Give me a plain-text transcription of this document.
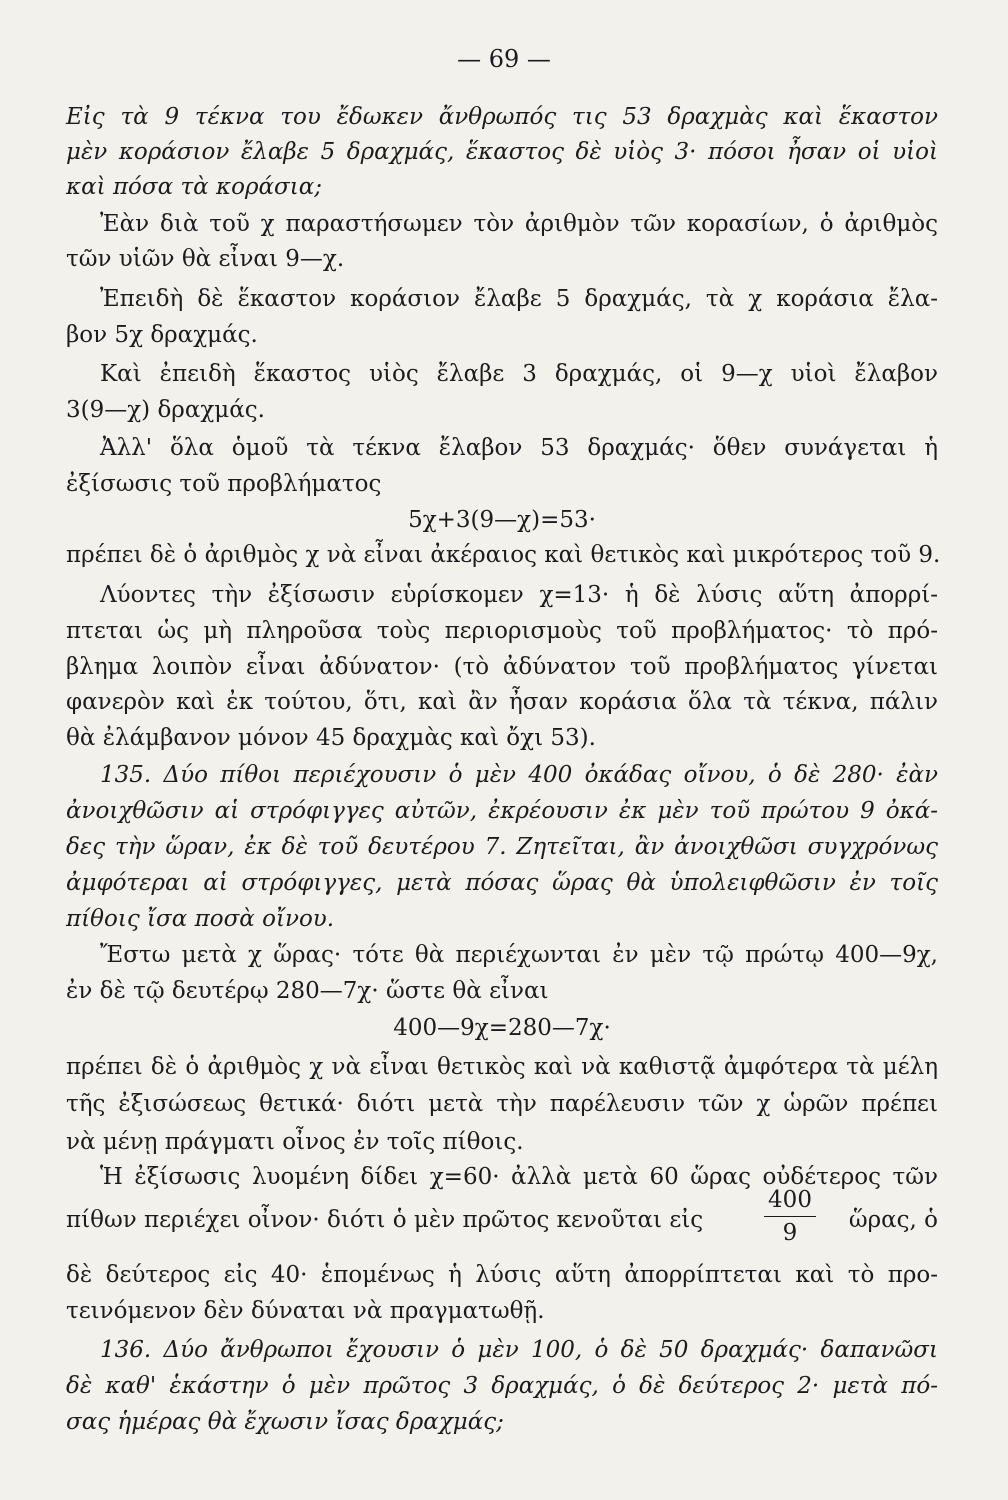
— 69 —
Εἰς τὰ 9 τέκνα του ἔδωκεν ἄνθρωπός τις 53 δραχμὰς καὶ ἕκαστον
μὲν κοράσιον ἔλαβε 5 δραχμάς, ἕκαστος δὲ υἱὸς 3· πόσοι ἦσαν οἱ υἱοὶ
καὶ πόσα τὰ κοράσια;
Ἐὰν διὰ τοῦ χ παραστήσωμεν τὸν ἀριθμὸν τῶν κορασίων, ὁ ἀριθμὸς
τῶν υἱῶν θὰ εἶναι 9—χ.
Ἐπειδὴ δὲ ἕκαστον κοράσιον ἔλαβε 5 δραχμάς, τὰ χ κοράσια ἔλα-
βον 5χ δραχμάς.
Καὶ ἐπειδὴ ἕκαστος υἱὸς ἔλαβε 3 δραχμάς, οἱ 9—χ υἱοὶ ἔλαβον
3(9—χ) δραχμάς.
Ἀλλ' ὅλα ὁμοῦ τὰ τέκνα ἔλαβον 53 δραχμάς· ὅθεν συνάγεται ἡ
ἐξίσωσις τοῦ προβλήματος
5χ+3(9—χ)=53·
πρέπει δὲ ὁ ἀριθμὸς χ νὰ εἶναι ἀκέραιος καὶ θετικὸς καὶ μικρότερος τοῦ 9.
Λύοντες τὴν ἐξίσωσιν εὑρίσκομεν χ=13· ἡ δὲ λύσις αὕτη ἀπορρί-
πτεται ὡς μὴ πληροῦσα τοὺς περιορισμοὺς τοῦ προβλήματος· τὸ πρό-
βλημα λοιπὸν εἶναι ἀδύνατον· (τὸ ἀδύνατον τοῦ προβλήματος γίνεται
φανερὸν καὶ ἐκ τούτου, ὅτι, καὶ ἂν ἦσαν κοράσια ὅλα τὰ τέκνα, πάλιν
θὰ ἐλάμβανον μόνον 45 δραχμὰς καὶ ὄχι 53).
135. Δύο πίθοι περιέχουσιν ὁ μὲν 400 ὀκάδας οἴνου, ὁ δὲ 280· ἐὰν
ἀνοιχθῶσιν αἱ στρόφιγγες αὐτῶν, ἐκρέουσιν ἐκ μὲν τοῦ πρώτου 9 ὀκά-
δες τὴν ὥραν, ἐκ δὲ τοῦ δευτέρου 7. Ζητεῖται, ἂν ἀνοιχθῶσι συγχρόνως
ἀμφότεραι αἱ στρόφιγγες, μετὰ πόσας ὥρας θὰ ὑπολειφθῶσιν ἐν τοῖς
πίθοις ἴσα ποσὰ οἴνου.
Ἔστω μετὰ χ ὥρας· τότε θὰ περιέχωνται ἐν μὲν τῷ πρώτῳ 400—9χ,
ἐν δὲ τῷ δευτέρῳ 280—7χ· ὥστε θὰ εἶναι
400—9χ=280—7χ·
πρέπει δὲ ὁ ἀριθμὸς χ νὰ εἶναι θετικὸς καὶ νὰ καθιστᾷ ἀμφότερα τὰ μέλη
τῆς ἐξισώσεως θετικά· διότι μετὰ τὴν παρέλευσιν τῶν χ ὡρῶν πρέπει
νὰ μένῃ πράγματι οἶνος ἐν τοῖς πίθοις.
Ἡ ἐξίσωσις λυομένη δίδει χ=60· ἀλλὰ μετὰ 60 ὥρας οὐδέτερος τῶν
πίθων περιέχει οἶνον· διότι ὁ μὲν πρῶτος κενοῦται εἰς
400
9	ὥρας, ὁ
δὲ δεύτερος εἰς 40· ἑπομένως ἡ λύσις αὕτη ἀπορρίπτεται καὶ τὸ προ-
τεινόμενον δὲν δύναται νὰ πραγματωθῇ.
136. Δύο ἄνθρωποι ἔχουσιν ὁ μὲν 100, ὁ δὲ 50 δραχμάς· δαπανῶσι
δὲ καθ' ἑκάστην ὁ μὲν πρῶτος 3 δραχμάς, ὁ δὲ δεύτερος 2· μετὰ πό-
σας ἡμέρας θὰ ἔχωσιν ἴσας δραχμάς;
